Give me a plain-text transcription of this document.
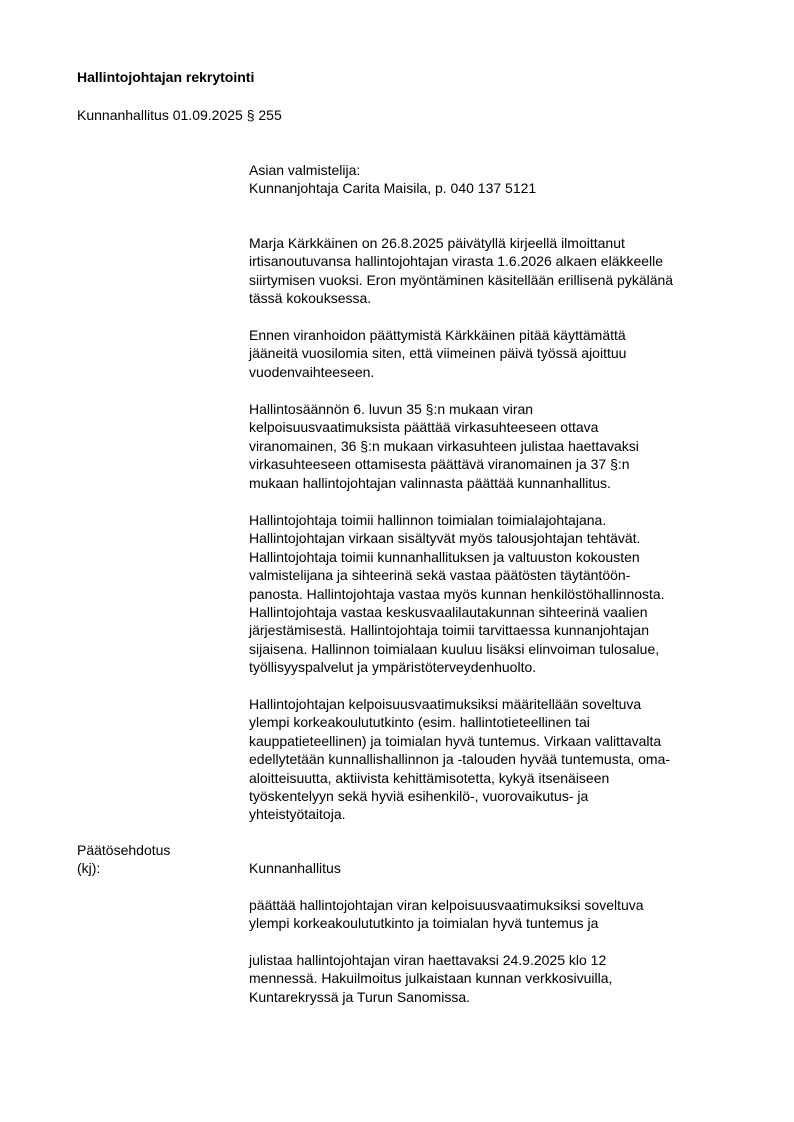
Hallintojohtajan rekrytointi
Kunnanhallitus 01.09.2025 § 255
Asian valmistelija:
Kunnanjohtaja Carita Maisila, p. 040 137 5121
Marja Kärkkäinen on 26.8.2025 päivätyllä kirjeellä ilmoittanut
irtisanoutuvansa hallintojohtajan virasta 1.6.2026 alkaen eläkkeelle
siirtymisen vuoksi. Eron myöntäminen käsitellään erillisenä pykälänä
tässä kokouksessa.
Ennen viranhoidon päättymistä Kärkkäinen pitää käyttämättä
jääneitä vuosilomia siten, että viimeinen päivä työssä ajoittuu
vuodenvaihteeseen.
Hallintosäännön 6. luvun 35 §:n mukaan viran
kelpoisuusvaatimuksista päättää virkasuhteeseen ottava
viranomainen, 36 §:n mukaan virkasuhteen julistaa haettavaksi
virkasuhteeseen ottamisesta päättävä viranomainen ja 37 §:n
mukaan hallintojohtajan valinnasta päättää kunnanhallitus.
Hallintojohtaja toimii hallinnon toimialan toimialajohtajana.
Hallintojohtajan virkaan sisältyvät myös talousjohtajan tehtävät.
Hallintojohtaja toimii kunnanhallituksen ja valtuuston kokousten
valmistelijana ja sihteerinä sekä vastaa päätösten täytäntöön-
panosta. Hallintojohtaja vastaa myös kunnan henkilöstöhallinnosta.
Hallintojohtaja vastaa keskusvaalilautakunnan sihteerinä vaalien
järjestämisestä. Hallintojohtaja toimii tarvittaessa kunnanjohtajan
sijaisena. Hallinnon toimialaan kuuluu lisäksi elinvoiman tulosalue,
työllisyyspalvelut ja ympäristöterveydenhuolto.
Hallintojohtajan kelpoisuusvaatimuksiksi määritellään soveltuva
ylempi korkeakoulututkinto (esim. hallintotieteellinen tai
kauppatieteellinen) ja toimialan hyvä tuntemus. Virkaan valittavalta
edellytetään kunnallishallinnon ja -talouden hyvää tuntemusta, oma-
aloitteisuutta, aktiivista kehittämisotetta, kykyä itsenäiseen
työskentelyyn sekä hyviä esihenkilö-, vuorovaikutus- ja
yhteistyötaitoja.
Päätösehdotus
(kj):	Kunnanhallitus
päättää hallintojohtajan viran kelpoisuusvaatimuksiksi soveltuva
ylempi korkeakoulututkinto ja toimialan hyvä tuntemus ja
julistaa hallintojohtajan viran haettavaksi 24.9.2025 klo 12
mennessä. Hakuilmoitus julkaistaan kunnan verkkosivuilla,
Kuntarekryssä ja Turun Sanomissa.
